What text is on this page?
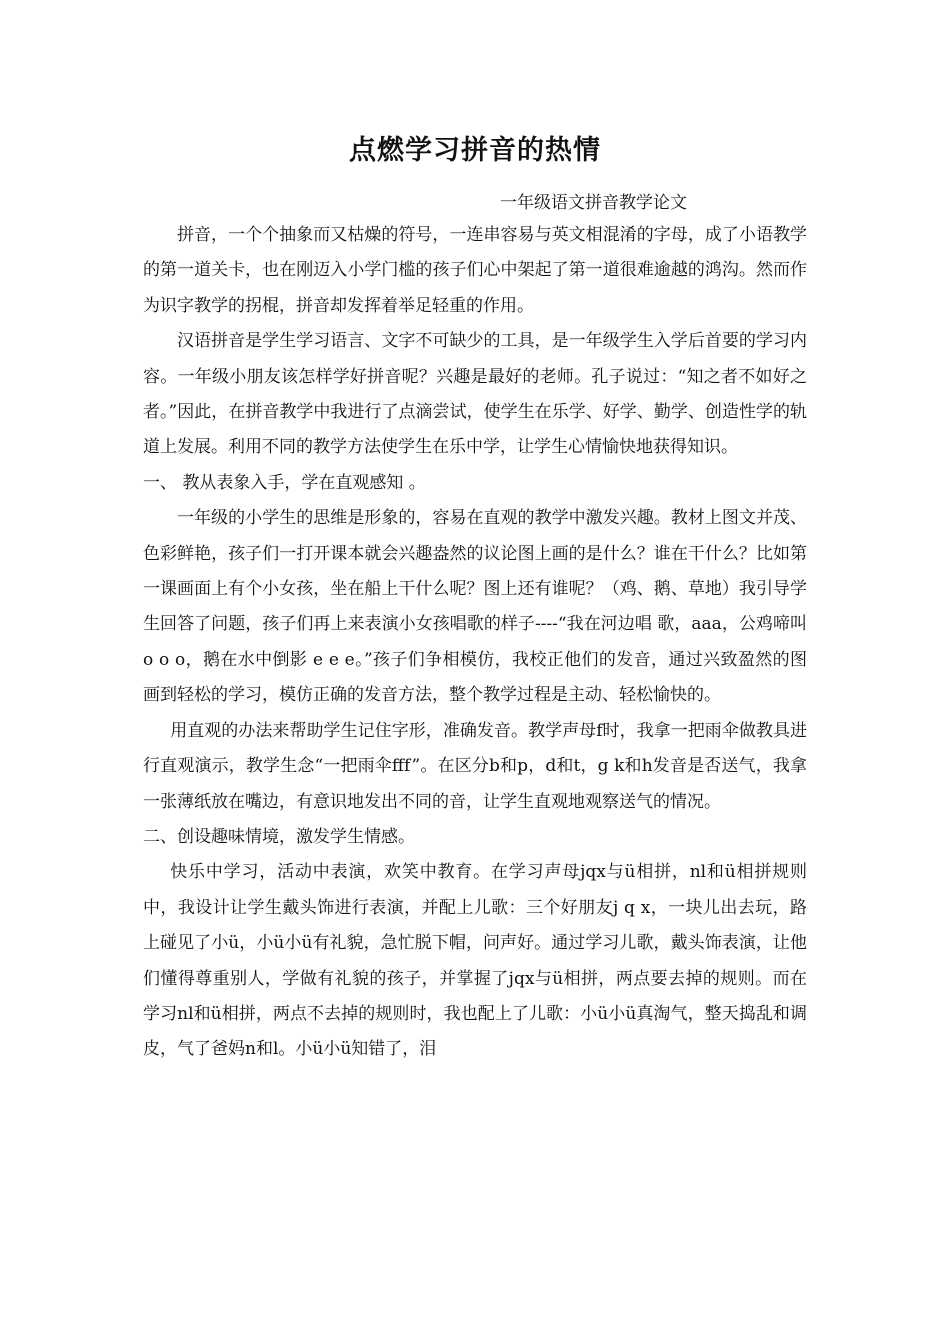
点燃学习拼音的热情
一年级语文拼音教学论文

拼音，一个个抽象而又枯燥的符号，一连串容易与英文相混淆的字母，成了小语教学的第一道关卡，也在刚迈入小学门槛的孩子们心中架起了第一道很难逾越的鸿沟。然而作为识字教学的拐棍，拼音却发挥着举足轻重的作用。

汉语拼音是学生学习语言、文字不可缺少的工具，是一年级学生入学后首要的学习内容。一年级小朋友该怎样学好拼音呢？兴趣是最好的老师。孔子说过：“知之者不如好之者。”因此，在拼音教学中我进行了点滴尝试，使学生在乐学、好学、勤学、创造性学的轨道上发展。利用不同的教学方法使学生在乐中学，让学生心情愉快地获得知识。

一、 教从表象入手，学在直观感知 。

一年级的小学生的思维是形象的，容易在直观的教学中激发兴趣。教材上图文并茂、色彩鲜艳，孩子们一打开课本就会兴趣盎然的议论图上画的是什么？谁在干什么？比如第一课画面上有个小女孩，坐在船上干什么呢？图上还有谁呢？（鸡、鹅、草地）我引导学生回答了问题，孩子们再上来表演小女孩唱歌的样子----“我在河边唱 歌，aaa，公鸡啼叫 o o o，鹅在水中倒影 e e e。”孩子们争相模仿，我校正他们的发音，通过兴致盈然的图画到轻松的学习，模仿正确的发音方法，整个教学过程是主动、轻松愉快的。

用直观的办法来帮助学生记住字形，准确发音。教学声母f时，我拿一把雨伞做教具进行直观演示，教学生念“一把雨伞fff”。在区分b和p，d和t，g k和h发音是否送气，我拿一张薄纸放在嘴边，有意识地发出不同的音，让学生直观地观察送气的情况。

二、创设趣味情境，激发学生情感。

快乐中学习，活动中表演，欢笑中教育。在学习声母jqx与ü相拼，nl和ü相拼规则中，我设计让学生戴头饰进行表演，并配上儿歌：三个好朋友j q x，一块儿出去玩，路上碰见了小ü，小ü小ü有礼貌，急忙脱下帽，问声好。通过学习儿歌，戴头饰表演，让他们懂得尊重别人，学做有礼貌的孩子，并掌握了jqx与ü相拼，两点要去掉的规则。而在学习nl和ü相拼，两点不去掉的规则时，我也配上了儿歌：小ü小ü真淘气，整天捣乱和调皮，气了爸妈n和l。小ü小ü知错了，泪
